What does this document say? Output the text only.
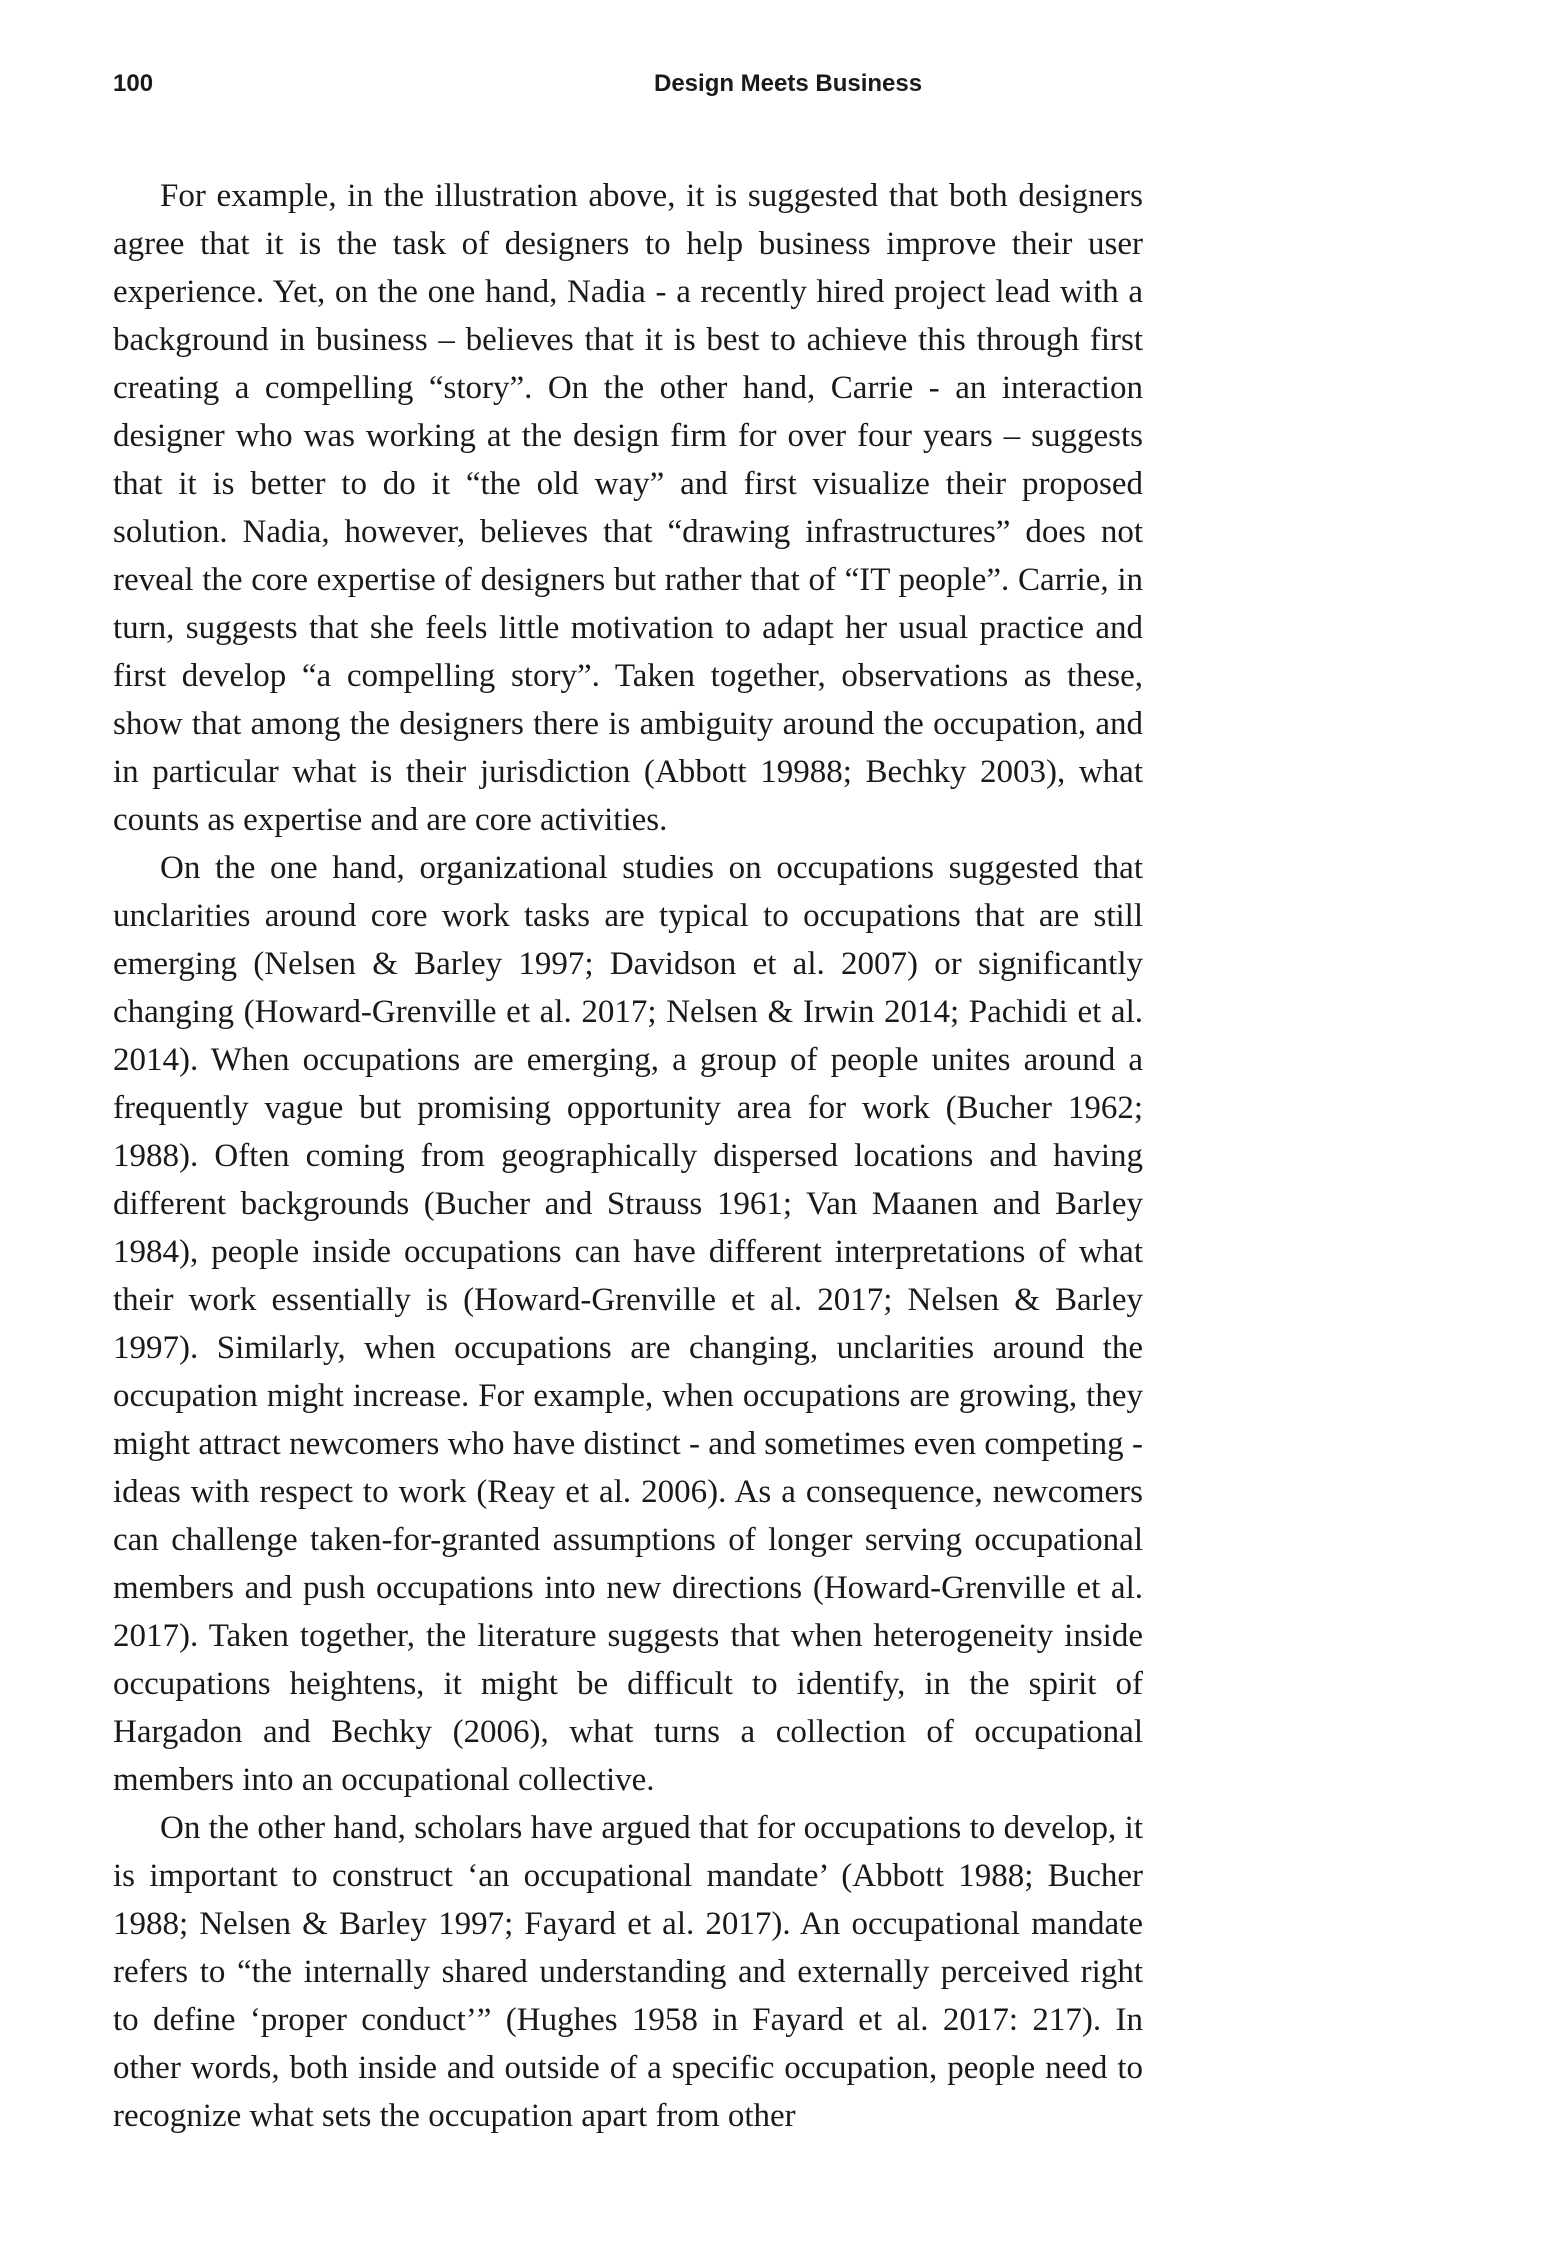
100	Design Meets Business

For example, in the illustration above, it is suggested that both designers agree that it is the task of designers to help business improve their user experience. Yet, on the one hand, Nadia - a recently hired project lead with a background in business – believes that it is best to achieve this through first creating a compelling “story”. On the other hand, Carrie - an interaction designer who was working at the design firm for over four years – suggests that it is better to do it “the old way” and first visualize their proposed solution. Nadia, however, believes that “drawing infrastructures” does not reveal the core expertise of designers but rather that of “IT people”. Carrie, in turn, suggests that she feels little motivation to adapt her usual practice and first develop “a compelling story”. Taken together, observations as these, show that among the designers there is ambiguity around the occupation, and in particular what is their jurisdiction (Abbott 19988; Bechky 2003), what counts as expertise and are core activities.

On the one hand, organizational studies on occupations suggested that unclarities around core work tasks are typical to occupations that are still emerging (Nelsen & Barley 1997; Davidson et al. 2007) or significantly changing (Howard-Grenville et al. 2017; Nelsen & Irwin 2014; Pachidi et al. 2014). When occupations are emerging, a group of people unites around a frequently vague but promising opportunity area for work (Bucher 1962; 1988). Often coming from geographically dispersed locations and having different backgrounds (Bucher and Strauss 1961; Van Maanen and Barley 1984), people inside occupations can have different interpretations of what their work essentially is (Howard-Grenville et al. 2017; Nelsen & Barley 1997). Similarly, when occupations are changing, unclarities around the occupation might increase. For example, when occupations are growing, they might attract newcomers who have distinct - and sometimes even competing - ideas with respect to work (Reay et al. 2006). As a consequence, newcomers can challenge taken-for-granted assumptions of longer serving occupational members and push occupations into new directions (Howard-Grenville et al. 2017). Taken together, the literature suggests that when heterogeneity inside occupations heightens, it might be difficult to identify, in the spirit of Hargadon and Bechky (2006), what turns a collection of occupational members into an occupational collective.

On the other hand, scholars have argued that for occupations to develop, it is important to construct ‘an occupational mandate’ (Abbott 1988; Bucher 1988; Nelsen & Barley 1997; Fayard et al. 2017). An occupational mandate refers to “the internally shared understanding and externally perceived right to define ‘proper conduct’” (Hughes 1958 in Fayard et al. 2017: 217). In other words, both inside and outside of a specific occupation, people need to recognize what sets the occupation apart from other
